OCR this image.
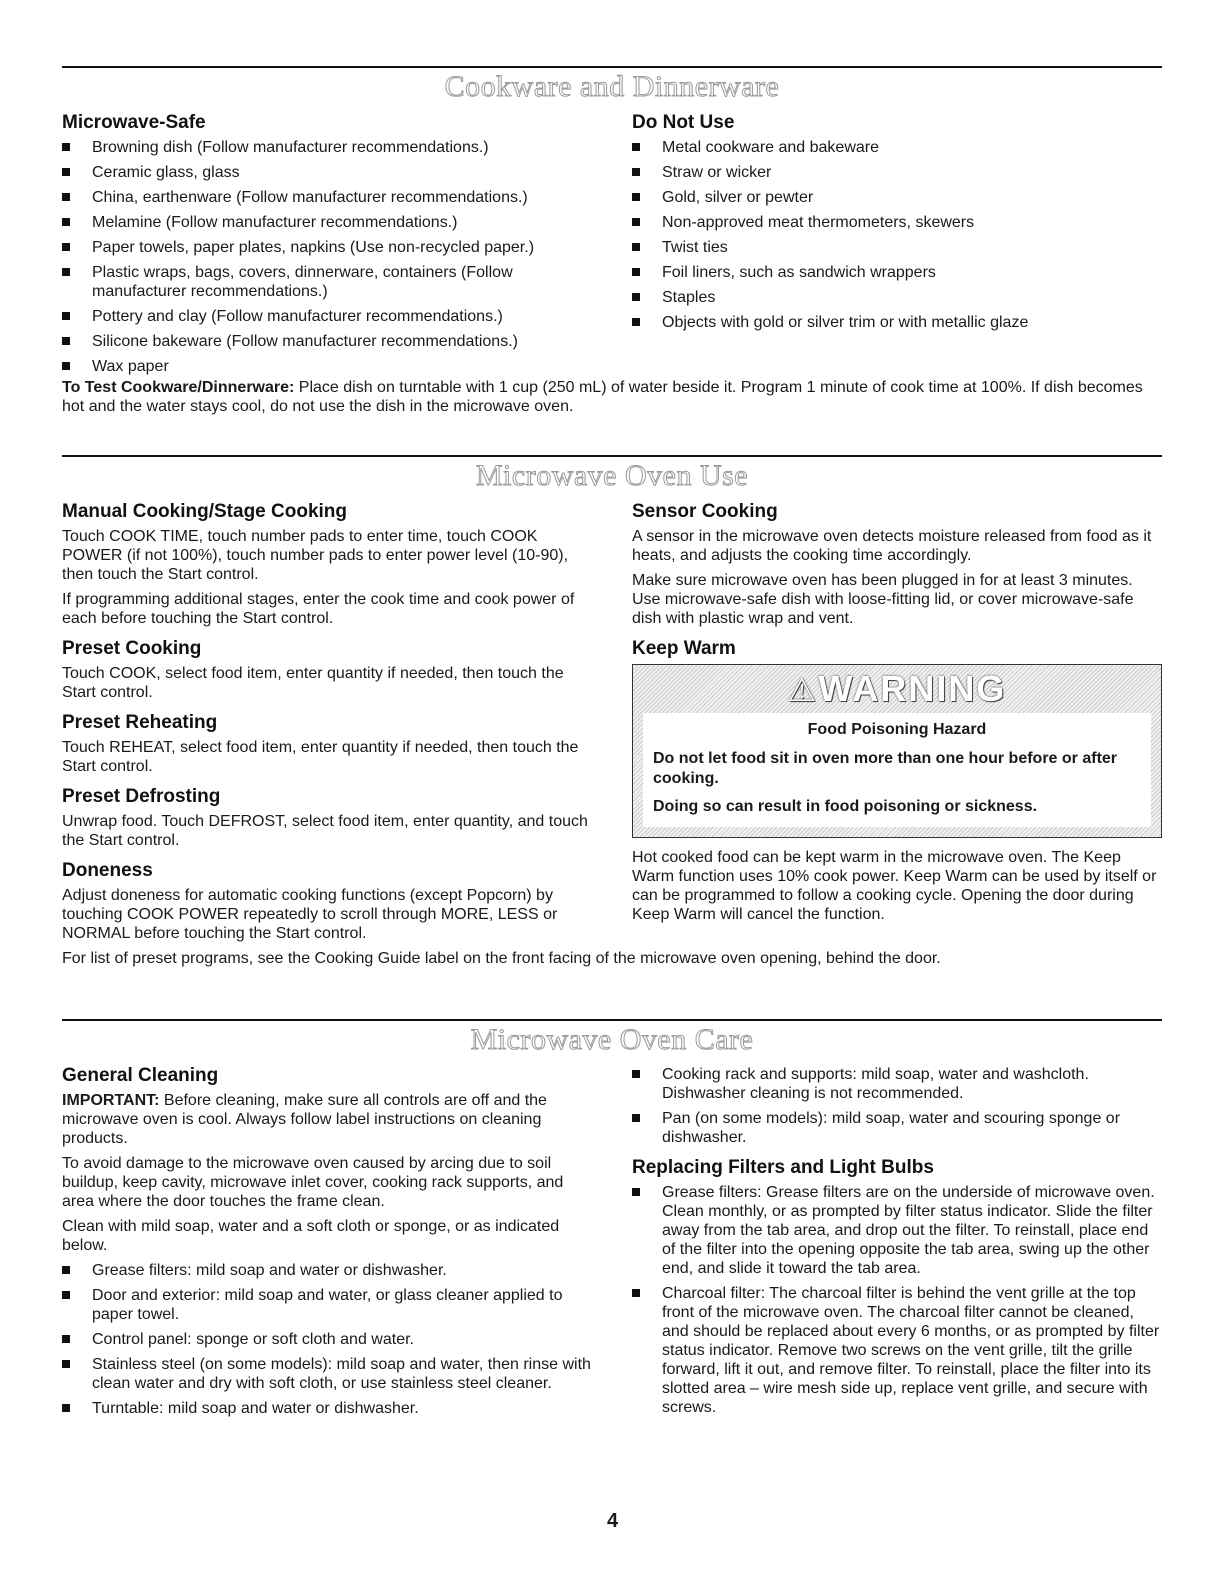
Cookware and Dinnerware
Microwave-Safe
Browning dish (Follow manufacturer recommendations.)
Ceramic glass, glass
China, earthenware (Follow manufacturer recommendations.)
Melamine (Follow manufacturer recommendations.)
Paper towels, paper plates, napkins (Use non-recycled paper.)
Plastic wraps, bags, covers, dinnerware, containers (Follow manufacturer recommendations.)
Pottery and clay (Follow manufacturer recommendations.)
Silicone bakeware (Follow manufacturer recommendations.)
Wax paper
Do Not Use
Metal cookware and bakeware
Straw or wicker
Gold, silver or pewter
Non-approved meat thermometers, skewers
Twist ties
Foil liners, such as sandwich wrappers
Staples
Objects with gold or silver trim or with metallic glaze

To Test Cookware/Dinnerware: Place dish on turntable with 1 cup (250 mL) of water beside it. Program 1 minute of cook time at 100%. If dish becomes hot and the water stays cool, do not use the dish in the microwave oven.

Microwave Oven Use
Manual Cooking/Stage Cooking

Touch COOK TIME, touch number pads to enter time, touch COOK POWER (if not 100%), touch number pads to enter power level (10-90), then touch the Start control.

If programming additional stages, enter the cook time and cook power of each before touching the Start control.

Preset Cooking

Touch COOK, select food item, enter quantity if needed, then touch the Start control.

Preset Reheating

Touch REHEAT, select food item, enter quantity if needed, then touch the Start control.

Preset Defrosting

Unwrap food. Touch DEFROST, select food item, enter quantity, and touch the Start control.

Doneness

Adjust doneness for automatic cooking functions (except Popcorn) by touching COOK POWER repeatedly to scroll through MORE, LESS or NORMAL before touching the Start control.

Sensor Cooking

A sensor in the microwave oven detects moisture released from food as it heats, and adjusts the cooking time accordingly.

Make sure microwave oven has been plugged in for at least 3 minutes. Use microwave-safe dish with loose-fitting lid, or cover microwave-safe dish with plastic wrap and vent.

Keep Warm
⚠WARNING
Food Poisoning Hazard
Do not let food sit in oven more than one hour before or after cooking.
Doing so can result in food poisoning or sickness.

Hot cooked food can be kept warm in the microwave oven. The Keep Warm function uses 10% cook power. Keep Warm can be used by itself or can be programmed to follow a cooking cycle. Opening the door during Keep Warm will cancel the function.

For list of preset programs, see the Cooking Guide label on the front facing of the microwave oven opening, behind the door.

Microwave Oven Care
General Cleaning

IMPORTANT: Before cleaning, make sure all controls are off and the microwave oven is cool. Always follow label instructions on cleaning products.

To avoid damage to the microwave oven caused by arcing due to soil buildup, keep cavity, microwave inlet cover, cooking rack supports, and area where the door touches the frame clean.

Clean with mild soap, water and a soft cloth or sponge, or as indicated below.

Grease filters: mild soap and water or dishwasher.
Door and exterior: mild soap and water, or glass cleaner applied to paper towel.
Control panel: sponge or soft cloth and water.
Stainless steel (on some models): mild soap and water, then rinse with clean water and dry with soft cloth, or use stainless steel cleaner.
Turntable: mild soap and water or dishwasher.
Cooking rack and supports: mild soap, water and washcloth. Dishwasher cleaning is not recommended.
Pan (on some models): mild soap, water and scouring sponge or dishwasher.
Replacing Filters and Light Bulbs
Grease filters: Grease filters are on the underside of microwave oven. Clean monthly, or as prompted by filter status indicator. Slide the filter away from the tab area, and drop out the filter. To reinstall, place end of the filter into the opening opposite the tab area, swing up the other end, and slide it toward the tab area.
Charcoal filter: The charcoal filter is behind the vent grille at the top front of the microwave oven. The charcoal filter cannot be cleaned, and should be replaced about every 6 months, or as prompted by filter status indicator. Remove two screws on the vent grille, tilt the grille forward, lift it out, and remove filter. To reinstall, place the filter into its slotted area – wire mesh side up, replace vent grille, and secure with screws.
4
